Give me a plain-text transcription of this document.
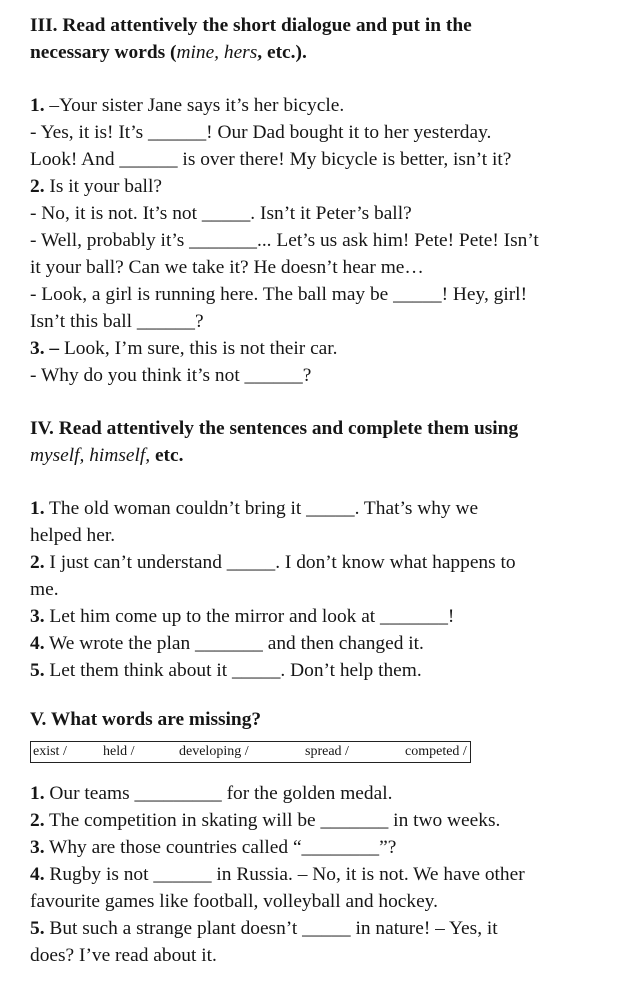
III. Read attentively the short dialogue and put in the

necessary words (mine, hers, etc.).

1. –Your sister Jane says it’s her bicycle.

- Yes, it is! It’s ______! Our Dad bought it to her yesterday.

Look! And ______ is over there! My bicycle is better, isn’t it?

2. Is it your ball?

- No, it is not. It’s not _____. Isn’t it Peter’s ball?

- Well, probably it’s _______... Let’s us ask him! Pete! Pete! Isn’t

it your ball? Can we take it? He doesn’t hear me…

- Look, a girl is running here. The ball may be _____! Hey, girl!

Isn’t this ball ______?

3. – Look, I’m sure, this is not their car.

- Why do you think it’s not ______?

IV. Read attentively the sentences and complete them using

myself, himself, etc.

1. The old woman couldn’t bring it _____. That’s why we

helped her.

2. I just can’t understand _____. I don’t know what happens to

me.

3. Let him come up to the mirror and look at _______!

4. We wrote the plan _______ and then changed it.

5. Let them think about it _____. Don’t help them.

V. What words are missing?

exist /	held /	developing /	spread /	competed /

1. Our teams _________ for the golden medal.

2. The competition in skating will be _______ in two weeks.

3. Why are those countries called “________”?

4. Rugby is not ______ in Russia. – No, it is not. We have other

favourite games like football, volleyball and hockey.

5. But such a strange plant doesn’t _____ in nature! – Yes, it

does? I’ve read about it.
